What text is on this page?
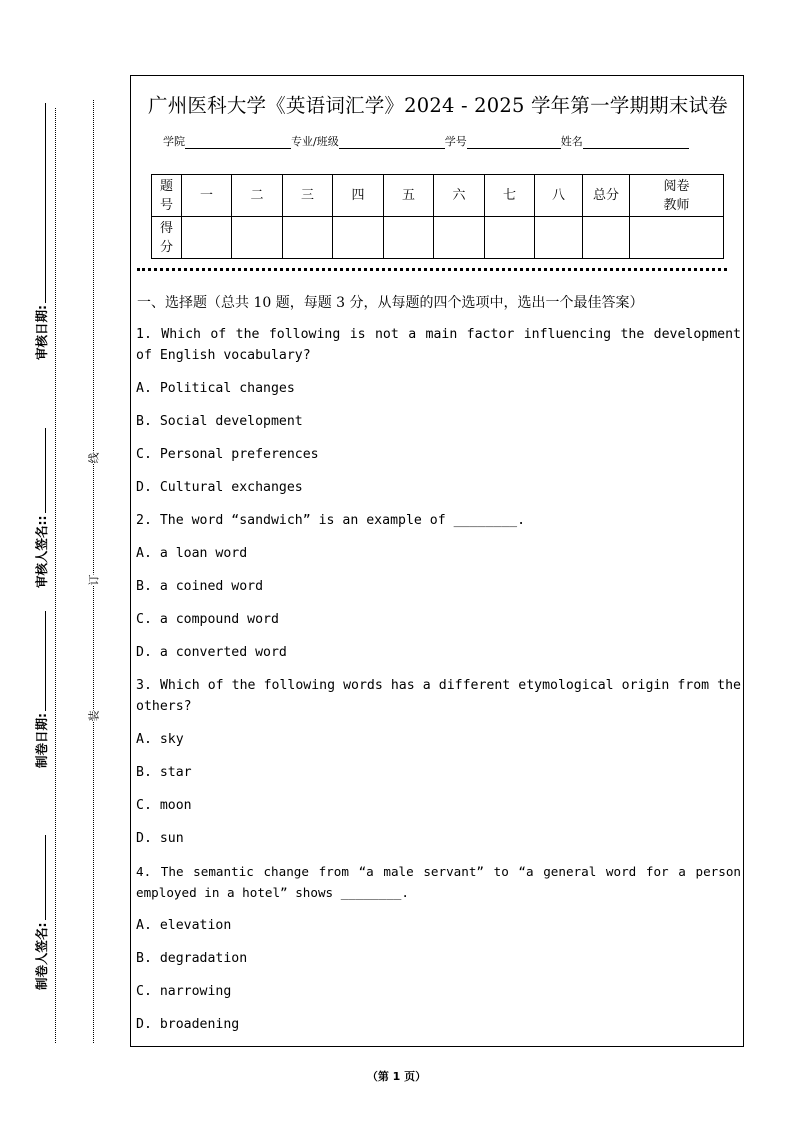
审核日期:
审核人签名::
制卷日期:
制卷人签名:
线
订
装
广州医科大学《英语词汇学》2024 - 2025 学年第一学期期末试卷
学院	专业/班级	学号	姓名
题号	一	二	三	四	五	六	七	八	总分	阅卷教师
得分										
一、选择题（总共 10 题，每题 3 分，从每题的四个选项中，选出一个最佳答案）

1. Which of the following is not a main factor influencing the development of English vocabulary?

A. Political changes

B. Social development

C. Personal preferences

D. Cultural exchanges

2. The word “sandwich” is an example of ________.

A. a loan word

B. a coined word

C. a compound word

D. a converted word

3. Which of the following words has a different etymological origin from the others?

A. sky

B. star

C. moon

D. sun

4. The semantic change from “a male servant” to “a general word for a person employed in a hotel” shows ________.

A. elevation

B. degradation

C. narrowing

D. broadening

（第 1 页）
